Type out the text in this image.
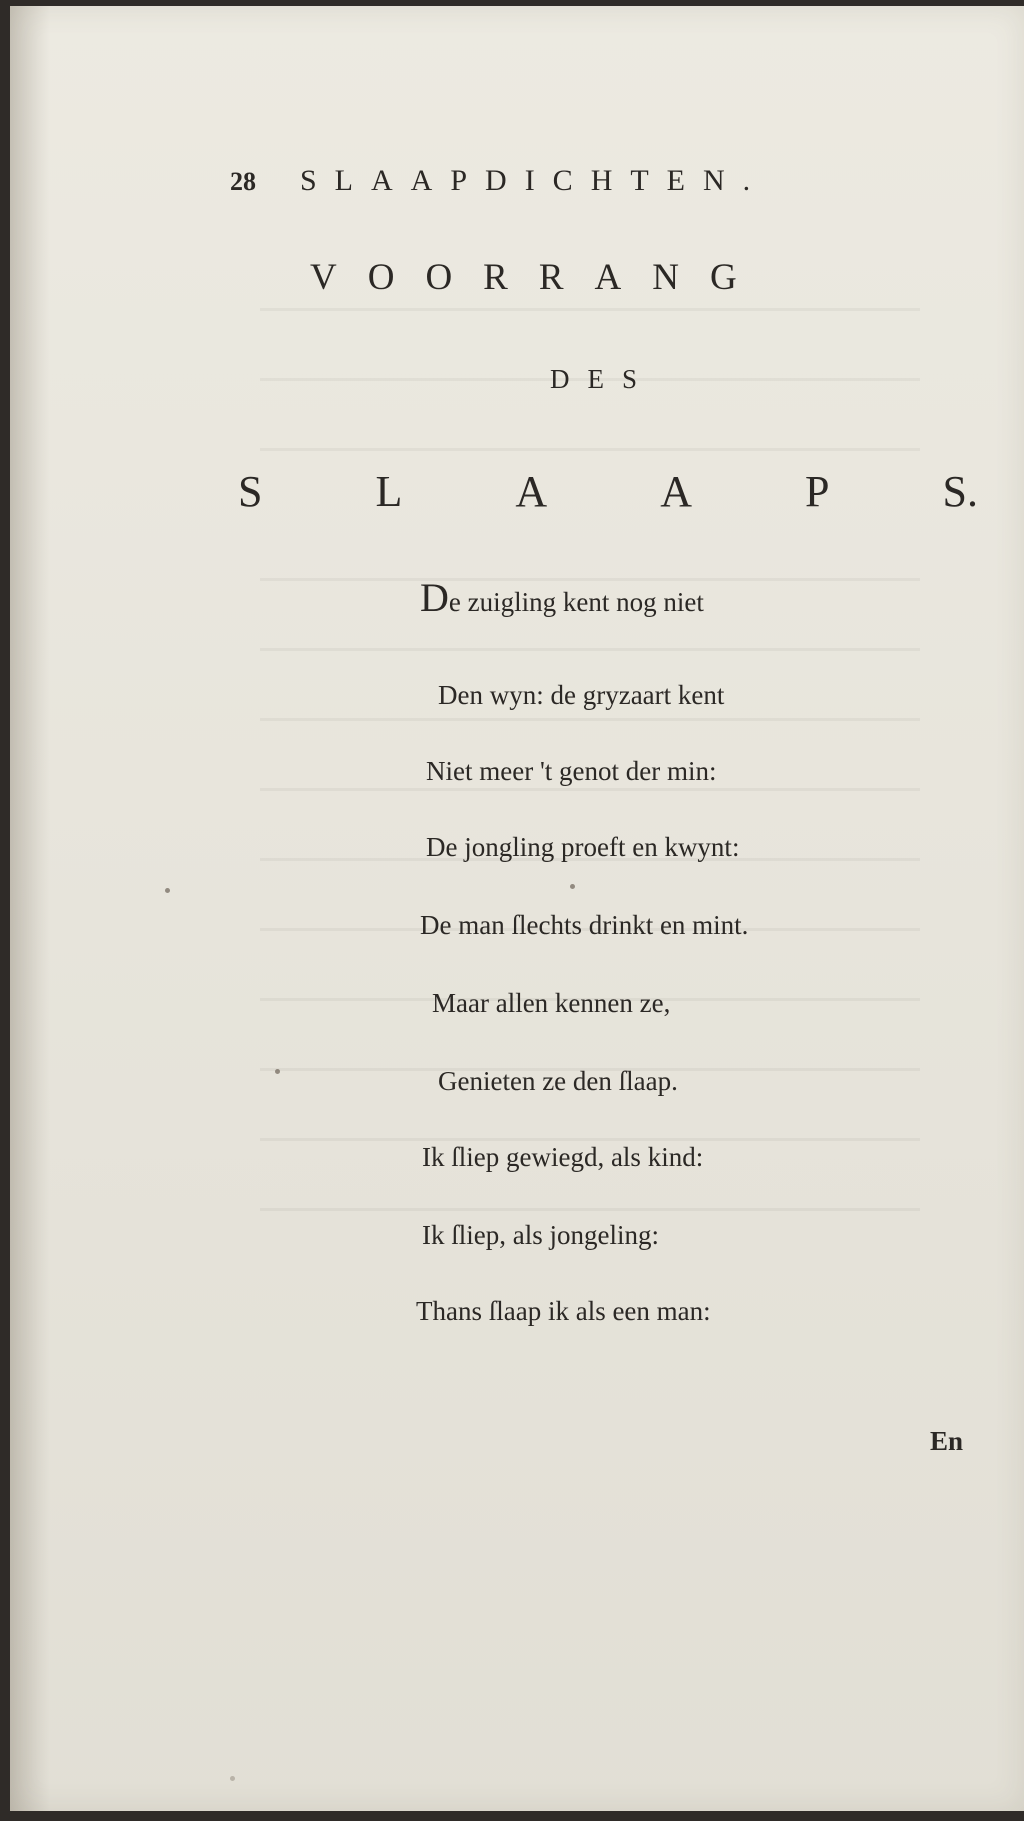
28	SLAAPDICHTEN.
VOORRANG
DES
S	L	A	A	P	S.
De zuigling kent nog niet
Den wyn: de gryzaart kent
Niet meer 't genot der min:
De jongling proeft en kwynt:
De man ſlechts drinkt en mint.
Maar allen kennen ze,
Genieten ze den ſlaap.
Ik ſliep gewiegd, als kind:
Ik ſliep, als jongeling:
Thans ſlaap ik als een man:
En
